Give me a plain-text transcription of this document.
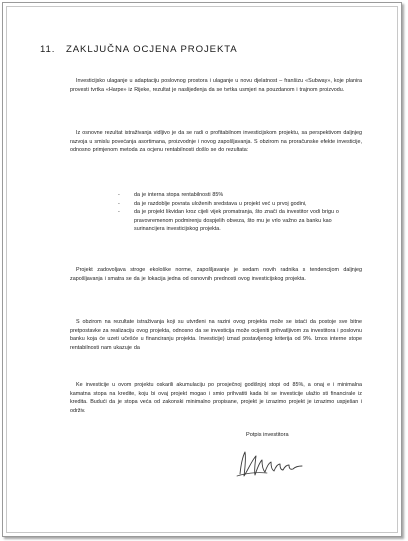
11. ZAKLJUČNA OCJENA PROJEKTA

Investicijsko ulaganje u adaptaciju poslovnog prostora i ulaganje u novu djelatnost – franšizu «Subway», koje planira provesti tvrtka «Harpe» iz Rijeke, rezultat je naslijeđenja da se tvrtka usmjeri na pouzdanom i trajnom proizvodu.

Iz osnovne rezultat istraživanja vidljivo je da se radi o profitabilnom investicijskom projektu, sa perspektivom daljnjeg razvoja u smislu povećanja asortimana, proizvodnje i novog zapošljavanja. S obzirom na proračunske efekte investicije, odnosno primjenom metoda za ocjenu rentabilnosti došlo se do rezultata:

-	da je interna stopa rentabilnosti 85%
-	da je razdoblje povrata uloženih sredstava u projekt već u prvoj godini,
-	da je projekt likvidan kroz cijeli vijek promatranja, što znači da investitor vodi brigu o pravovremenom podmirenju dospjelih obveza, što mu je vrlo važno za banku kao surinancijera investicijskog projekta.

Projekt zadovoljava stroge ekološke norme, zapošljavanje je sedam novih radnika s tendencijom daljnjeg zapošljavanja i smatra se da je lokacija jedna od osnovnih prednosti ovog investicijskog projekta.

S obzirom na rezultate istraživanja koji su utvrđeni na razini ovog projekta može se istaći da postoje sve bitne pretpostavke za realizaciju ovog projekta, odnosno da se investicija može ocijeniti prihvatljivom za investitora i poslovnu banku koja će uzeti učešće u financiranju projekta. Investicije) iznad postavljenog kriterija od 9%. Iznos interne stope rentabilnosti nam ukazuje da

Ke investicije u ovom projektu oskarili akumulaciju po prosječnoj godišnjoj stopi od 85%, a onaj e i minimalna kamatna stopa na kredite, koju bi ovaj projekt mogao i smio prihvatiti kada bi se investicije ulažio sti financirale iz kredita. Budući da je stopa veća od zakonski minimalno propisane, projekt je izrazimo projekt je izrazimo uspješan i održiv.

Potpis investitora
